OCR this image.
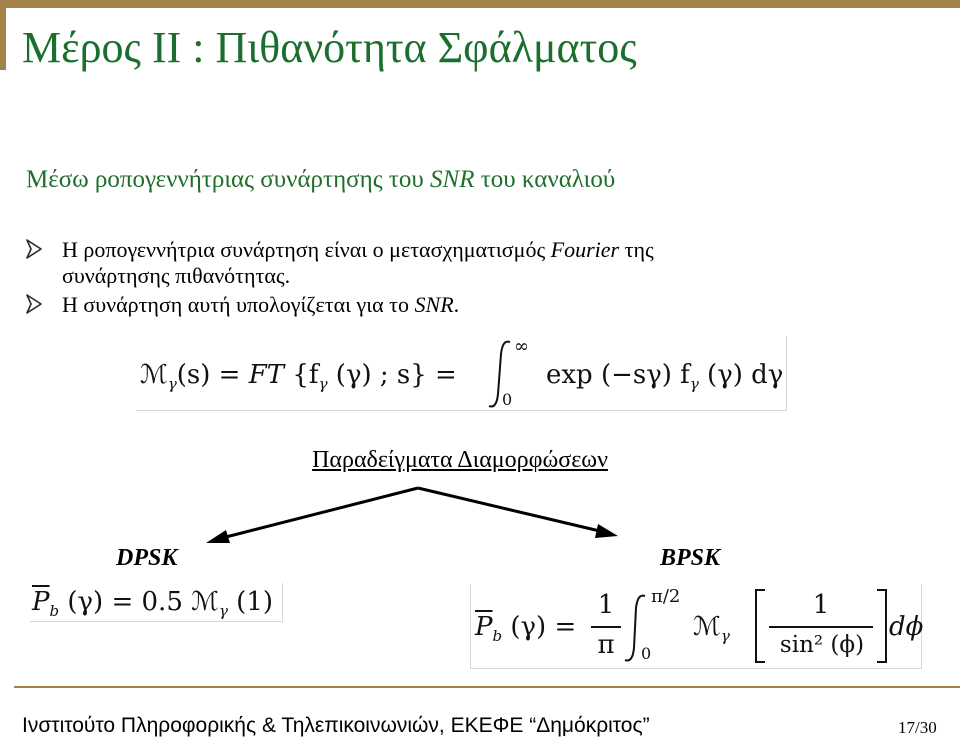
Μέρος II : Πιθανότητα Σφάλματος
Μέσω ροπογεννήτριας συνάρτησης του SNR του καναλιού
Η ροπογεννήτρια συνάρτηση είναι ο μετασχηματισμός Fourier της
συνάρτησης πιθανότητας.
Η συνάρτηση αυτή υπολογίζεται για το SNR.
ℳ$_\gamma$(s) = FT {$f_\gamma$ (γ) ; s} =
∞
0
exp (−sγ) $f_\gamma$ (γ) dγ
Παραδείγματα Διαμορφώσεων
DPSK	BPSK
$\overline{P}_b$ (γ) = 0.5 ℳ$_\gamma$ (1)
$\overline{P}_b$ (γ) =
1
π
π/2
0
ℳ$_\gamma$
1
sin² (ϕ)
dϕ
Ινστιτούτο Πληροφορικής & Τηλεπικοινωνιών, ΕΚΕΦΕ “Δημόκριτος”	17/30
